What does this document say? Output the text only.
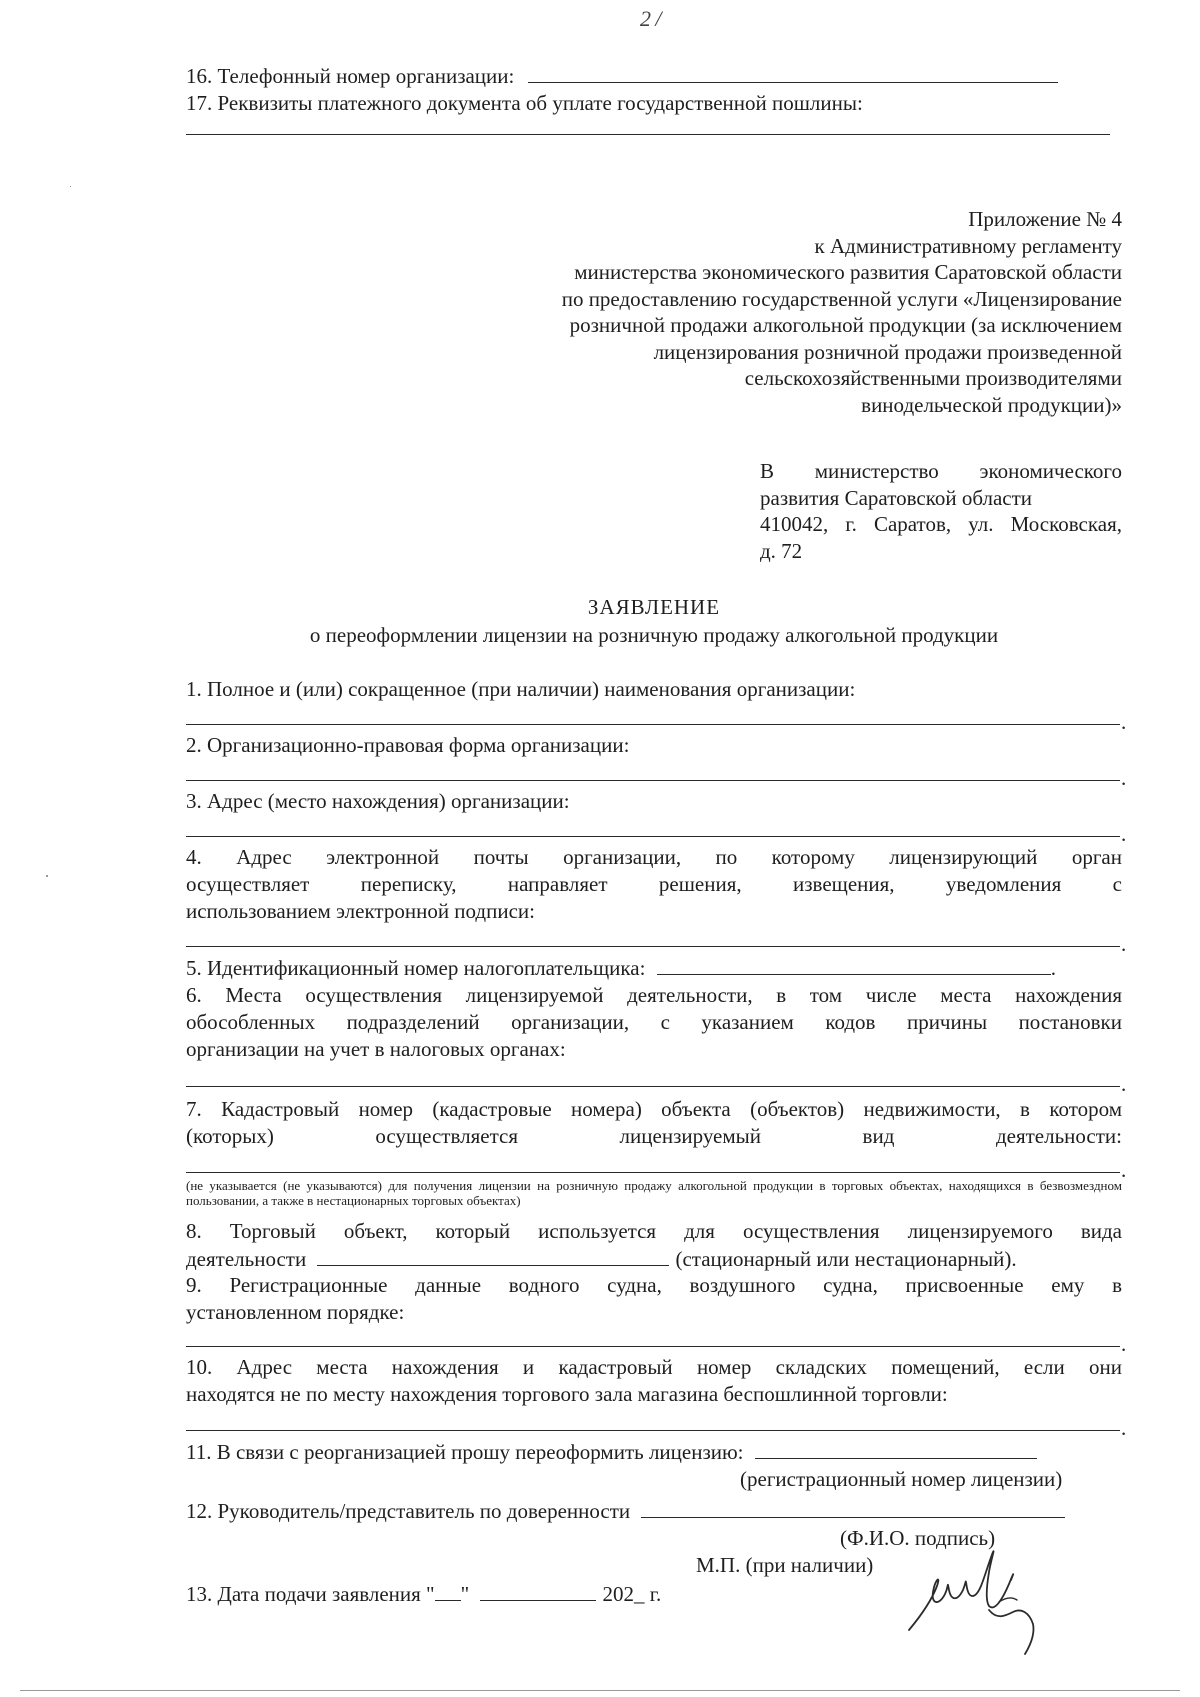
2 /
16. Телефонный номер организации:
17. Реквизиты платежного документа об уплате государственной пошлины:
Приложение № 4
к Административному регламенту
министерства экономического развития Саратовской области
по предоставлению государственной услуги «Лицензирование
розничной продажи алкогольной продукции (за исключением
лицензирования розничной продажи произведенной
сельскохозяйственными производителями
винодельческой продукции)»
В министерство экономического
развития Саратовской области
410042, г. Саратов, ул. Московская,
д. 72
ЗАЯВЛЕНИЕ
о переоформлении лицензии на розничную продажу алкогольной продукции
1. Полное и (или) сокращенное (при наличии) наименования организации:
.
2. Организационно-правовая форма организации:
.
3. Адрес (место нахождения) организации:
.
4. Адрес электронной почты организации, по которому лицензирующий орган
осуществляет переписку, направляет решения, извещения, уведомления с
использованием электронной подписи:
.
5. Идентификационный номер налогоплательщика:	.
6. Места осуществления лицензируемой деятельности, в том числе места нахождения
обособленных подразделений организации, с указанием кодов причины постановки
организации на учет в налоговых органах:
.
7. Кадастровый номер (кадастровые номера) объекта (объектов) недвижимости, в котором
(которых) осуществляется лицензируемый вид деятельности:
.
(не указывается (не указываются) для получения лицензии на розничную продажу алкогольной продукции в торговых объектах, находящихся в безвозмездном пользовании, а также в нестационарных торговых объектах)
8. Торговый объект, который используется для осуществления лицензируемого вида
деятельности	(стационарный или нестационарный).
9. Регистрационные данные водного судна, воздушного судна, присвоенные ему в
установленном порядке:
.
10. Адрес места нахождения и кадастровый номер складских помещений, если они
находятся не по месту нахождения торгового зала магазина беспошлинной торговли:
.
11. В связи с реорганизацией прошу переоформить лицензию:
(регистрационный номер лицензии)
12. Руководитель/представитель по доверенности
(Ф.И.О. подпись)
М.П. (при наличии)
13. Дата подачи заявления " "	202_ г.
